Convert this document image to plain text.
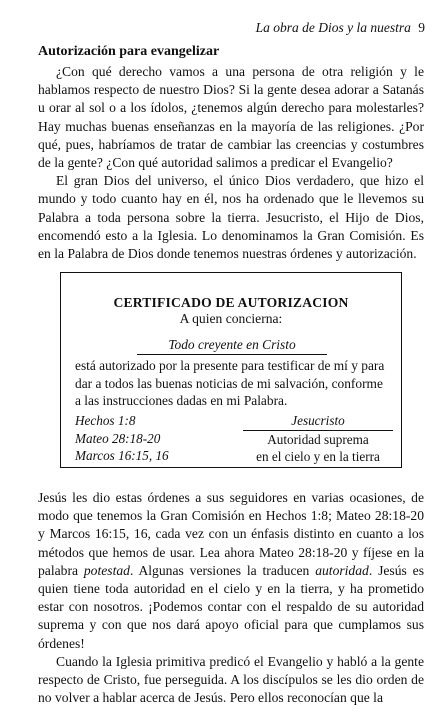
La obra de Dios y la nuestra 9
Autorización para evangelizar

¿Con qué derecho vamos a una persona de otra religión y le hablamos respecto de nuestro Dios? Si la gente desea adorar a Satanás u orar al sol o a los ídolos, ¿tenemos algún derecho para molestarles? Hay muchas buenas enseñanzas en la mayoría de las religiones. ¿Por qué, pues, habríamos de tratar de cambiar las creencias y costumbres de la gente? ¿Con qué autoridad salimos a predicar el Evangelio?

El gran Dios del universo, el único Dios verdadero, que hizo el mundo y todo cuanto hay en él, nos ha ordenado que le llevemos su Palabra a toda persona sobre la tierra. Jesucristo, el Hijo de Dios, encomendó esto a la Iglesia. Lo denominamos la Gran Comisión. Es en la Palabra de Dios donde tenemos nuestras órdenes y autorización.

CERTIFICADO DE AUTORIZACION
A quien concierna:
Todo creyente en Cristo
está autorizado por la presente para testificar de mí y para dar a todos las buenas noticias de mi salvación, conforme a las instrucciones dadas en mi Palabra.
Hechos 1:8
Mateo 28:18-20
Marcos 16:15, 16
Jesucristo
Autoridad suprema
en el cielo y en la tierra

Jesús les dio estas órdenes a sus seguidores en varias ocasiones, de modo que tenemos la Gran Comisión en Hechos 1:8; Mateo 28:18-20 y Marcos 16:15, 16, cada vez con un énfasis distinto en cuanto a los métodos que hemos de usar. Lea ahora Mateo 28:18-20 y fíjese en la palabra potestad. Algunas versiones la traducen autoridad. Jesús es quien tiene toda autoridad en el cielo y en la tierra, y ha prometido estar con nosotros. ¡Podemos contar con el respaldo de su autoridad suprema y con que nos dará apoyo oficial para que cumplamos sus órdenes!

Cuando la Iglesia primitiva predicó el Evangelio y habló a la gente respecto de Cristo, fue perseguida. A los discípulos se les dio orden de no volver a hablar acerca de Jesús. Pero ellos reconocían que la
